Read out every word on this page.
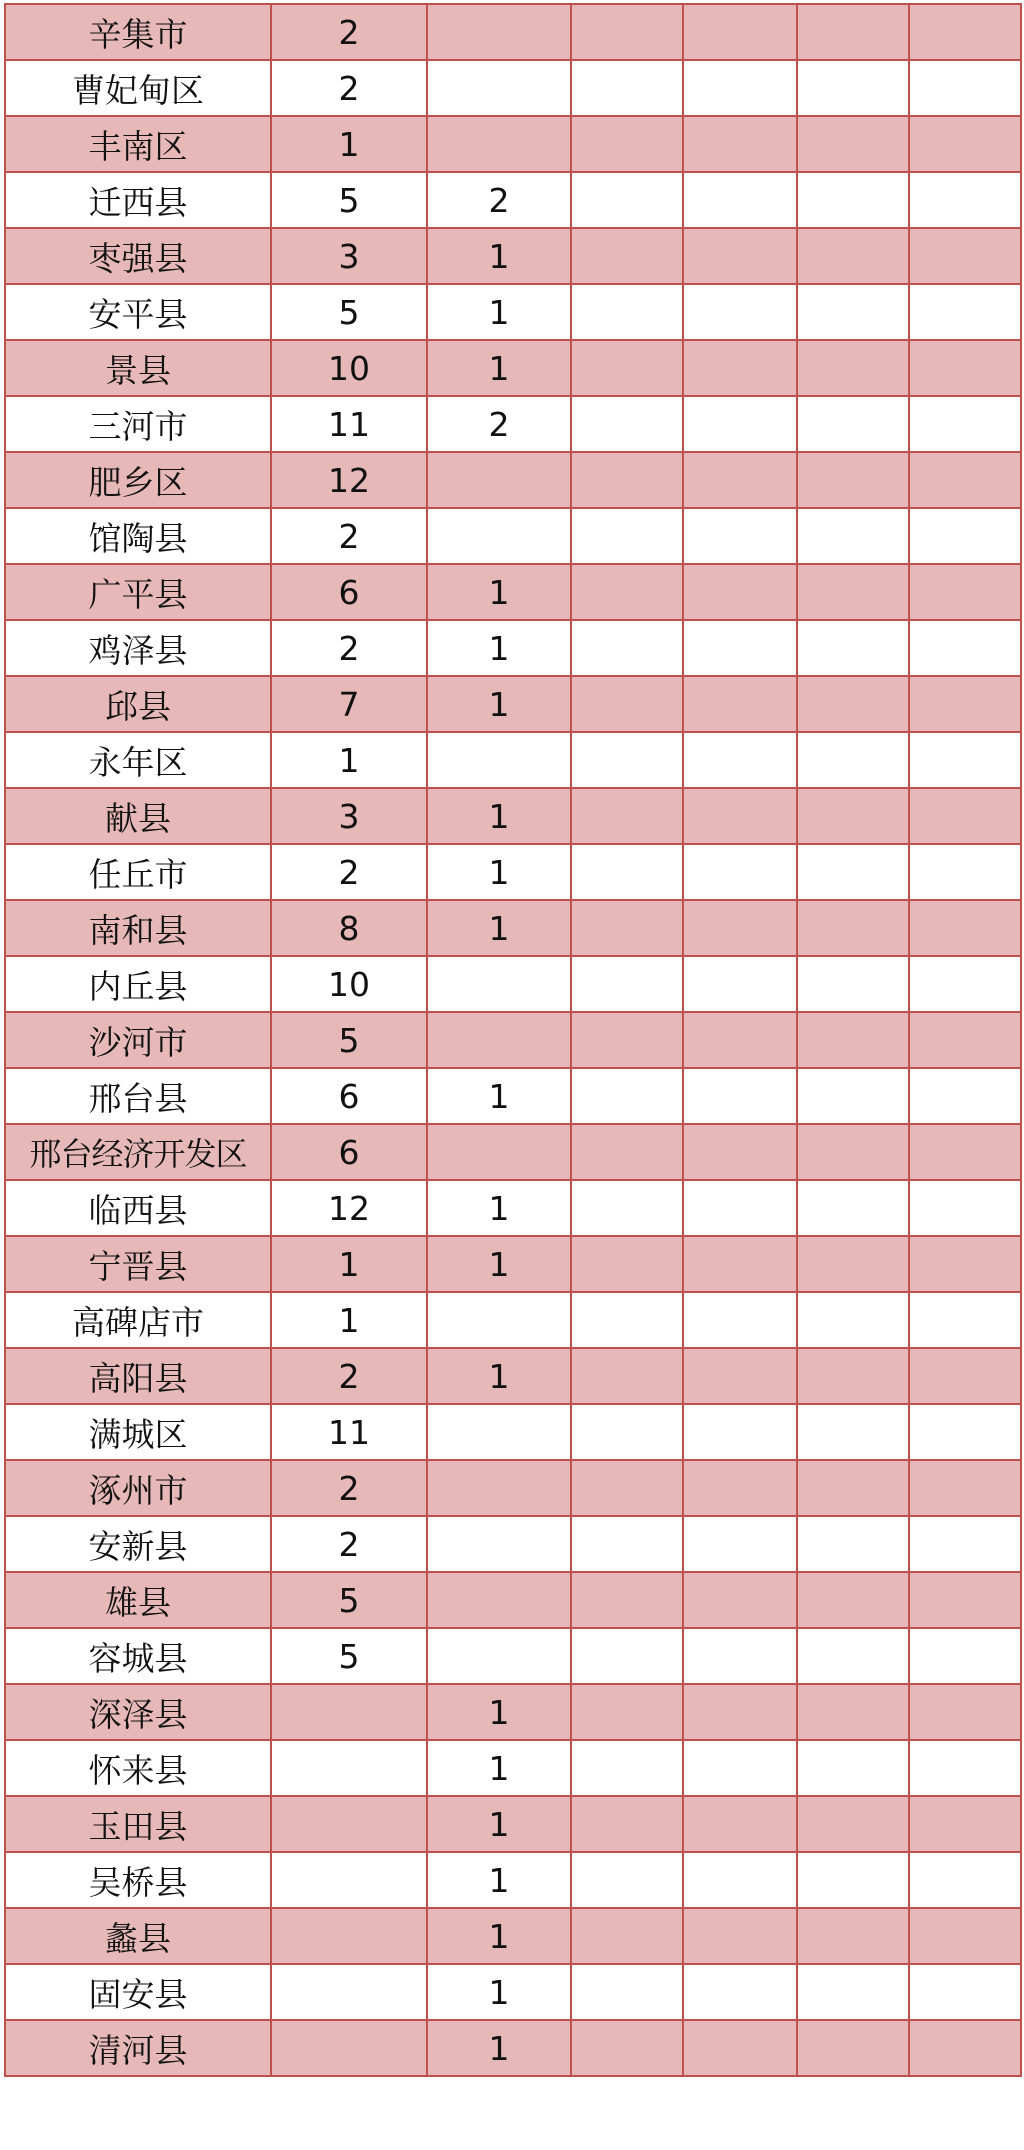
辛集市	2					
曹妃甸区	2					
丰南区	1					
迁西县	5	2				
枣强县	3	1				
安平县	5	1				
景县	10	1				
三河市	11	2				
肥乡区	12					
馆陶县	2					
广平县	6	1				
鸡泽县	2	1				
邱县	7	1				
永年区	1					
献县	3	1				
任丘市	2	1				
南和县	8	1				
内丘县	10					
沙河市	5					
邢台县	6	1				
邢台经济开发区	6					
临西县	12	1				
宁晋县	1	1				
高碑店市	1					
高阳县	2	1				
满城区	11					
涿州市	2					
安新县	2					
雄县	5					
容城县	5					
深泽县		1				
怀来县		1				
玉田县		1				
吴桥县		1				
蠡县		1				
固安县		1				
清河县		1				
